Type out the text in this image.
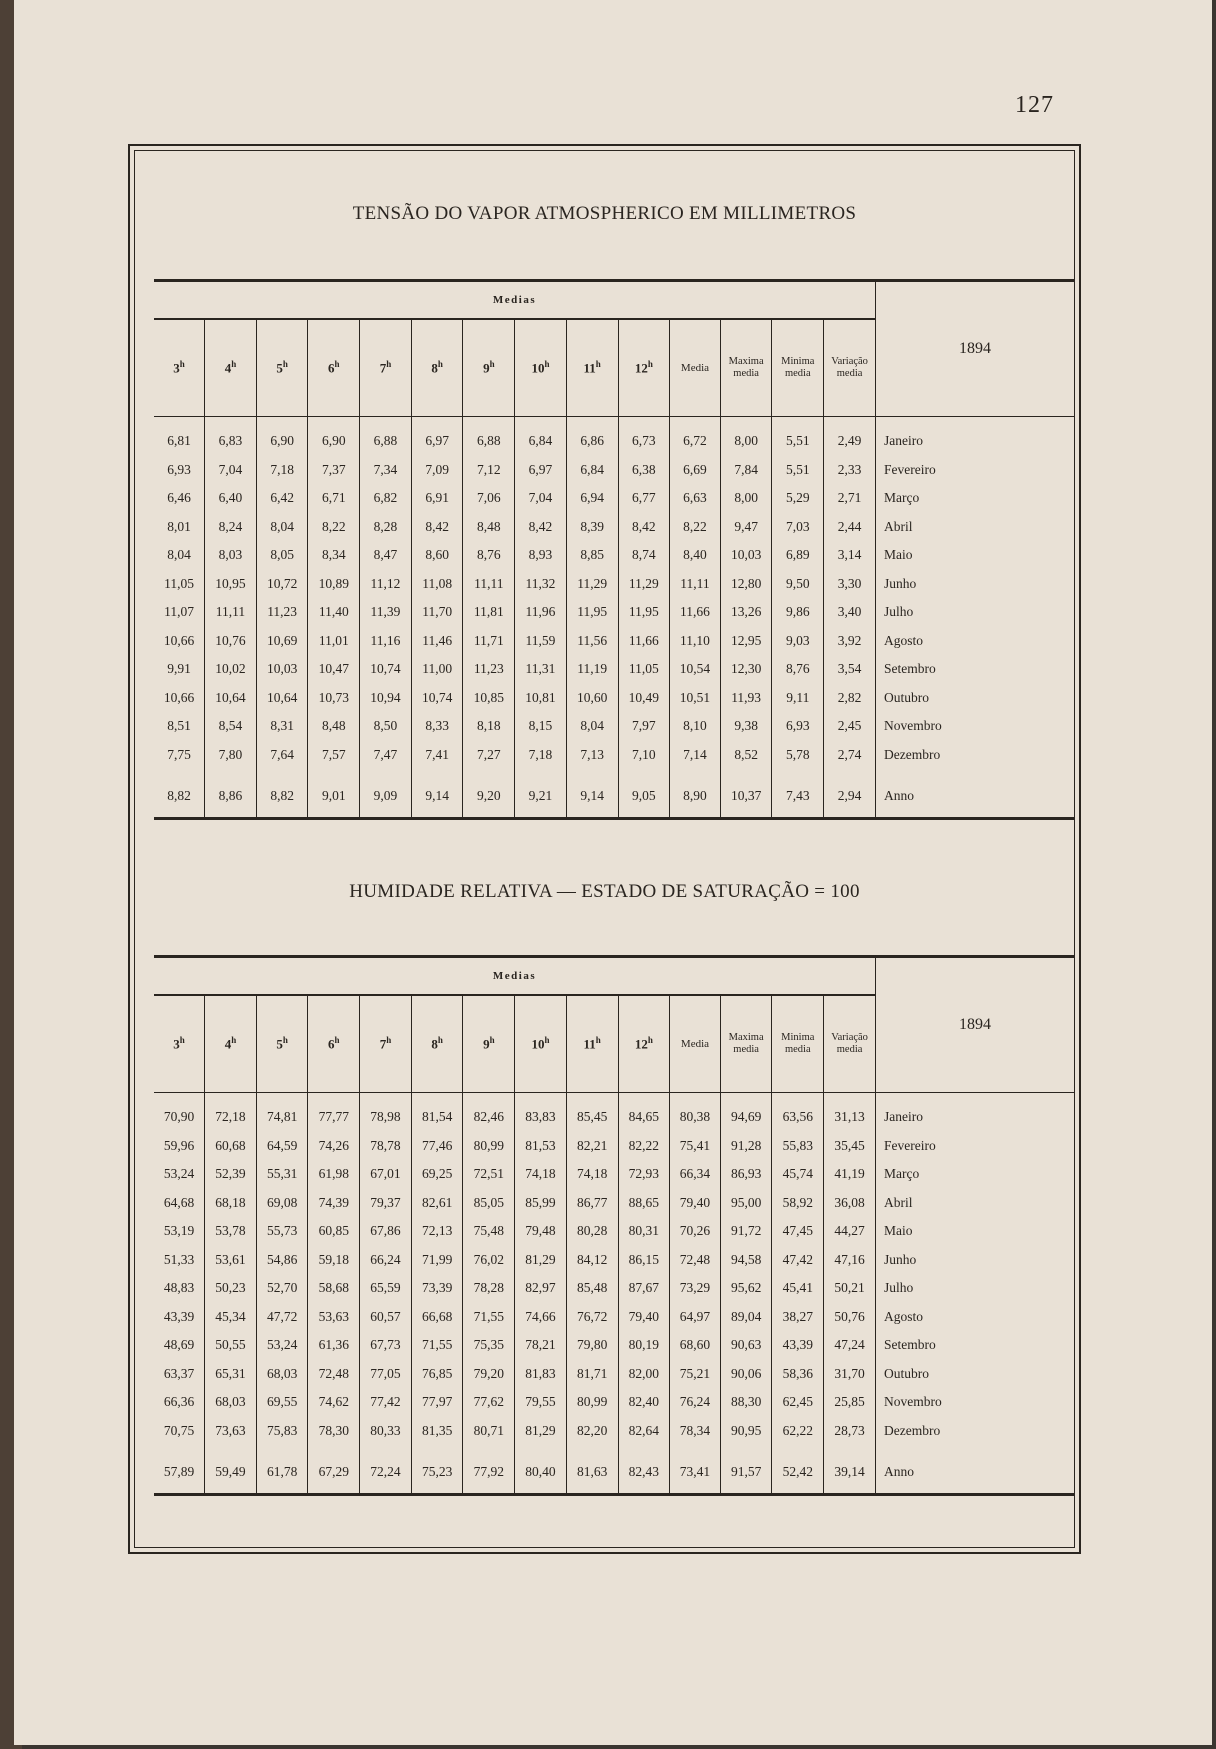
127
TENSÃO DO VAPOR ATMOSPHERICO EM MILLIMETROS
Medias														1894
3$^h$	4$^h$	5$^h$	6$^h$	7$^h$	8$^h$	9$^h$	10$^h$	11$^h$	12$^h$	Media	Maxima media	Minima media	Variação media	
6,81	6,83	6,90	6,90	6,88	6,97	6,88	6,84	6,86	6,73	6,72	8,00	5,51	2,49	Janeiro
6,93	7,04	7,18	7,37	7,34	7,09	7,12	6,97	6,84	6,38	6,69	7,84	5,51	2,33	Fevereiro
6,46	6,40	6,42	6,71	6,82	6,91	7,06	7,04	6,94	6,77	6,63	8,00	5,29	2,71	Março
8,01	8,24	8,04	8,22	8,28	8,42	8,48	8,42	8,39	8,42	8,22	9,47	7,03	2,44	Abril
8,04	8,03	8,05	8,34	8,47	8,60	8,76	8,93	8,85	8,74	8,40	10,03	6,89	3,14	Maio
11,05	10,95	10,72	10,89	11,12	11,08	11,11	11,32	11,29	11,29	11,11	12,80	9,50	3,30	Junho
11,07	11,11	11,23	11,40	11,39	11,70	11,81	11,96	11,95	11,95	11,66	13,26	9,86	3,40	Julho
10,66	10,76	10,69	11,01	11,16	11,46	11,71	11,59	11,56	11,66	11,10	12,95	9,03	3,92	Agosto
9,91	10,02	10,03	10,47	10,74	11,00	11,23	11,31	11,19	11,05	10,54	12,30	8,76	3,54	Setembro
10,66	10,64	10,64	10,73	10,94	10,74	10,85	10,81	10,60	10,49	10,51	11,93	9,11	2,82	Outubro
8,51	8,54	8,31	8,48	8,50	8,33	8,18	8,15	8,04	7,97	8,10	9,38	6,93	2,45	Novembro
7,75	7,80	7,64	7,57	7,47	7,41	7,27	7,18	7,13	7,10	7,14	8,52	5,78	2,74	Dezembro
8,82	8,86	8,82	9,01	9,09	9,14	9,20	9,21	9,14	9,05	8,90	10,37	7,43	2,94	Anno
HUMIDADE RELATIVA — ESTADO DE SATURAÇÃO = 100
Medias														1894
3$^h$	4$^h$	5$^h$	6$^h$	7$^h$	8$^h$	9$^h$	10$^h$	11$^h$	12$^h$	Media	Maxima media	Minima media	Variação media	
70,90	72,18	74,81	77,77	78,98	81,54	82,46	83,83	85,45	84,65	80,38	94,69	63,56	31,13	Janeiro
59,96	60,68	64,59	74,26	78,78	77,46	80,99	81,53	82,21	82,22	75,41	91,28	55,83	35,45	Fevereiro
53,24	52,39	55,31	61,98	67,01	69,25	72,51	74,18	74,18	72,93	66,34	86,93	45,74	41,19	Março
64,68	68,18	69,08	74,39	79,37	82,61	85,05	85,99	86,77	88,65	79,40	95,00	58,92	36,08	Abril
53,19	53,78	55,73	60,85	67,86	72,13	75,48	79,48	80,28	80,31	70,26	91,72	47,45	44,27	Maio
51,33	53,61	54,86	59,18	66,24	71,99	76,02	81,29	84,12	86,15	72,48	94,58	47,42	47,16	Junho
48,83	50,23	52,70	58,68	65,59	73,39	78,28	82,97	85,48	87,67	73,29	95,62	45,41	50,21	Julho
43,39	45,34	47,72	53,63	60,57	66,68	71,55	74,66	76,72	79,40	64,97	89,04	38,27	50,76	Agosto
48,69	50,55	53,24	61,36	67,73	71,55	75,35	78,21	79,80	80,19	68,60	90,63	43,39	47,24	Setembro
63,37	65,31	68,03	72,48	77,05	76,85	79,20	81,83	81,71	82,00	75,21	90,06	58,36	31,70	Outubro
66,36	68,03	69,55	74,62	77,42	77,97	77,62	79,55	80,99	82,40	76,24	88,30	62,45	25,85	Novembro
70,75	73,63	75,83	78,30	80,33	81,35	80,71	81,29	82,20	82,64	78,34	90,95	62,22	28,73	Dezembro
57,89	59,49	61,78	67,29	72,24	75,23	77,92	80,40	81,63	82,43	73,41	91,57	52,42	39,14	Anno
